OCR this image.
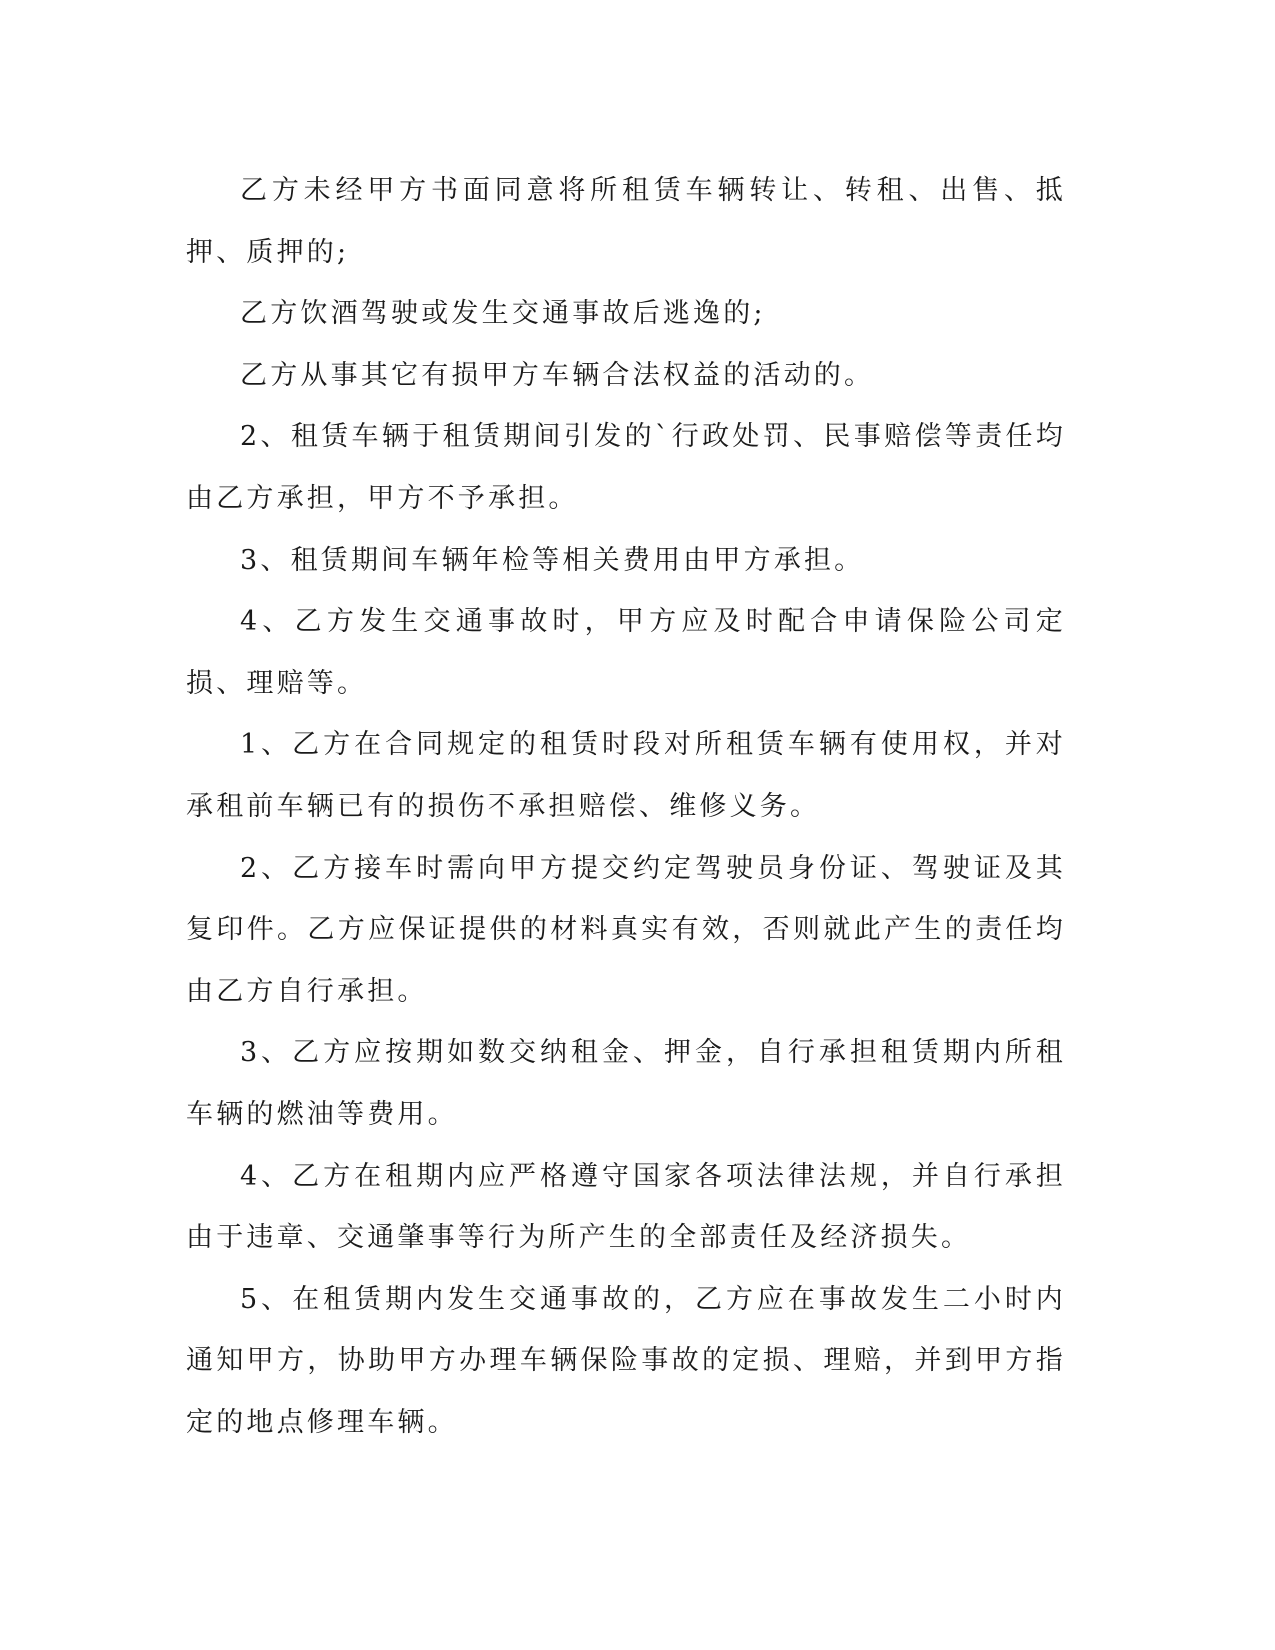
乙方未经甲方书面同意将所租赁车辆转让、转租、出售、抵押、质押的;

乙方饮酒驾驶或发生交通事故后逃逸的;

乙方从事其它有损甲方车辆合法权益的活动的。

2、租赁车辆于租赁期间引发的`行政处罚、民事赔偿等责任均由乙方承担，甲方不予承担。

3、租赁期间车辆年检等相关费用由甲方承担。

4、乙方发生交通事故时，甲方应及时配合申请保险公司定损、理赔等。

1、乙方在合同规定的租赁时段对所租赁车辆有使用权，并对承租前车辆已有的损伤不承担赔偿、维修义务。

2、乙方接车时需向甲方提交约定驾驶员身份证、驾驶证及其复印件。乙方应保证提供的材料真实有效，否则就此产生的责任均由乙方自行承担。

3、乙方应按期如数交纳租金、押金，自行承担租赁期内所租车辆的燃油等费用。

4、乙方在租期内应严格遵守国家各项法律法规，并自行承担由于违章、交通肇事等行为所产生的全部责任及经济损失。

5、在租赁期内发生交通事故的，乙方应在事故发生二小时内通知甲方，协助甲方办理车辆保险事故的定损、理赔，并到甲方指定的地点修理车辆。
